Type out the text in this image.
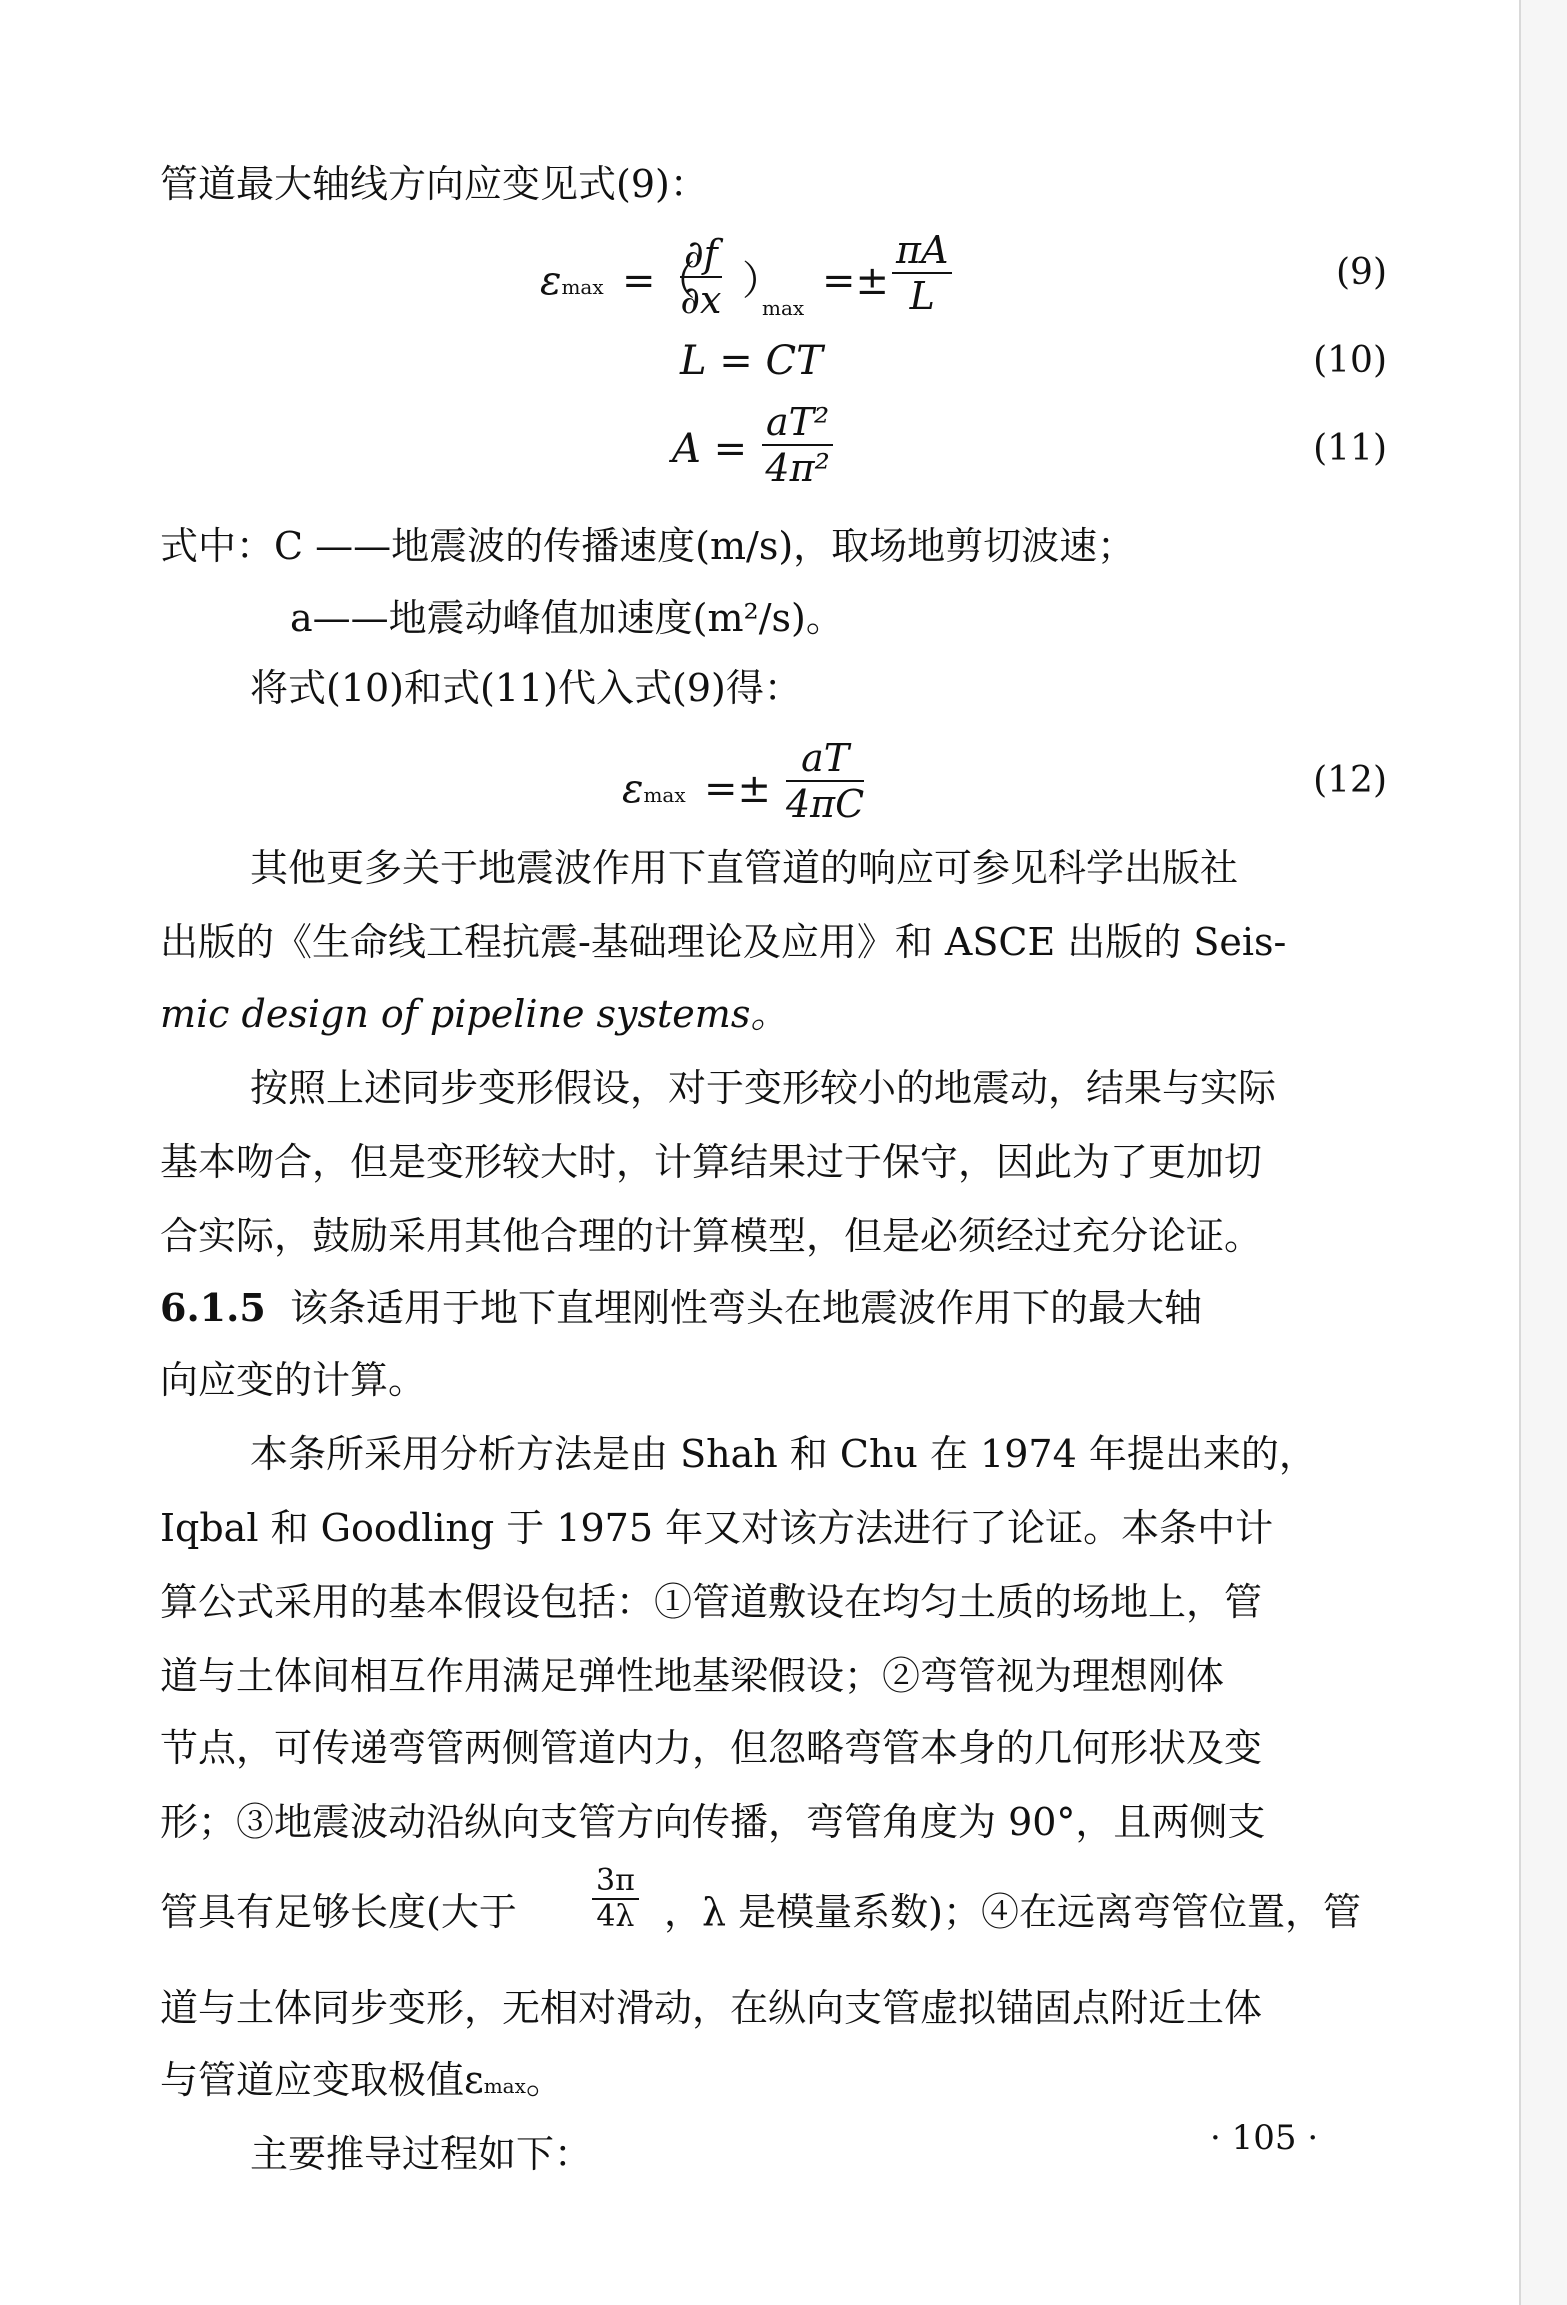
管道最大轴线方向应变见式(9)：
εmax =（
$\frac{\partial f}{\partial x}$ ）
max
=± $\frac{\pi A}{L}$	(9)
L = CT	(10)
$A = \frac{\text{aT²}}{\text{4π²}}$	(11)
式中：C ——地震波的传播速度(m/s)，取场地剪切波速；
a——地震动峰值加速度(m²/s)。
将式(10)和式(11)代入式(9)得：
$\varepsilon\max =\pm \frac{aT}{4\pi C}$	(12)
其他更多关于地震波作用下直管道的响应可参见科学出版社
出版的《生命线工程抗震-基础理论及应用》和 ASCE 出版的 Seis-
mic design of pipeline systems。
按照上述同步变形假设，对于变形较小的地震动，结果与实际
基本吻合，但是变形较大时，计算结果过于保守，因此为了更加切
合实际，鼓励采用其他合理的计算模型，但是必须经过充分论证。
6.1.5 该条适用于地下直埋刚性弯头在地震波作用下的最大轴
向应变的计算。
本条所采用分析方法是由 Shah 和 Chu 在 1974 年提出来的，
Iqbal 和 Goodling 于 1975 年又对该方法进行了论证。本条中计
算公式采用的基本假设包括：①管道敷设在均匀土质的场地上，管
道与土体间相互作用满足弹性地基梁假设；②弯管视为理想刚体
节点，可传递弯管两侧管道内力，但忽略弯管本身的几何形状及变
形；③地震波动沿纵向支管方向传播，弯管角度为 90°，且两侧支
管具有足够长度(大于	$\frac{3\pi}{4\lambda}$ ，λ 是模量系数)；④在远离弯管位置，管
道与土体同步变形，无相对滑动，在纵向支管虚拟锚固点附近土体
与管道应变取极值εmax。
主要推导过程如下：	· 105 ·
